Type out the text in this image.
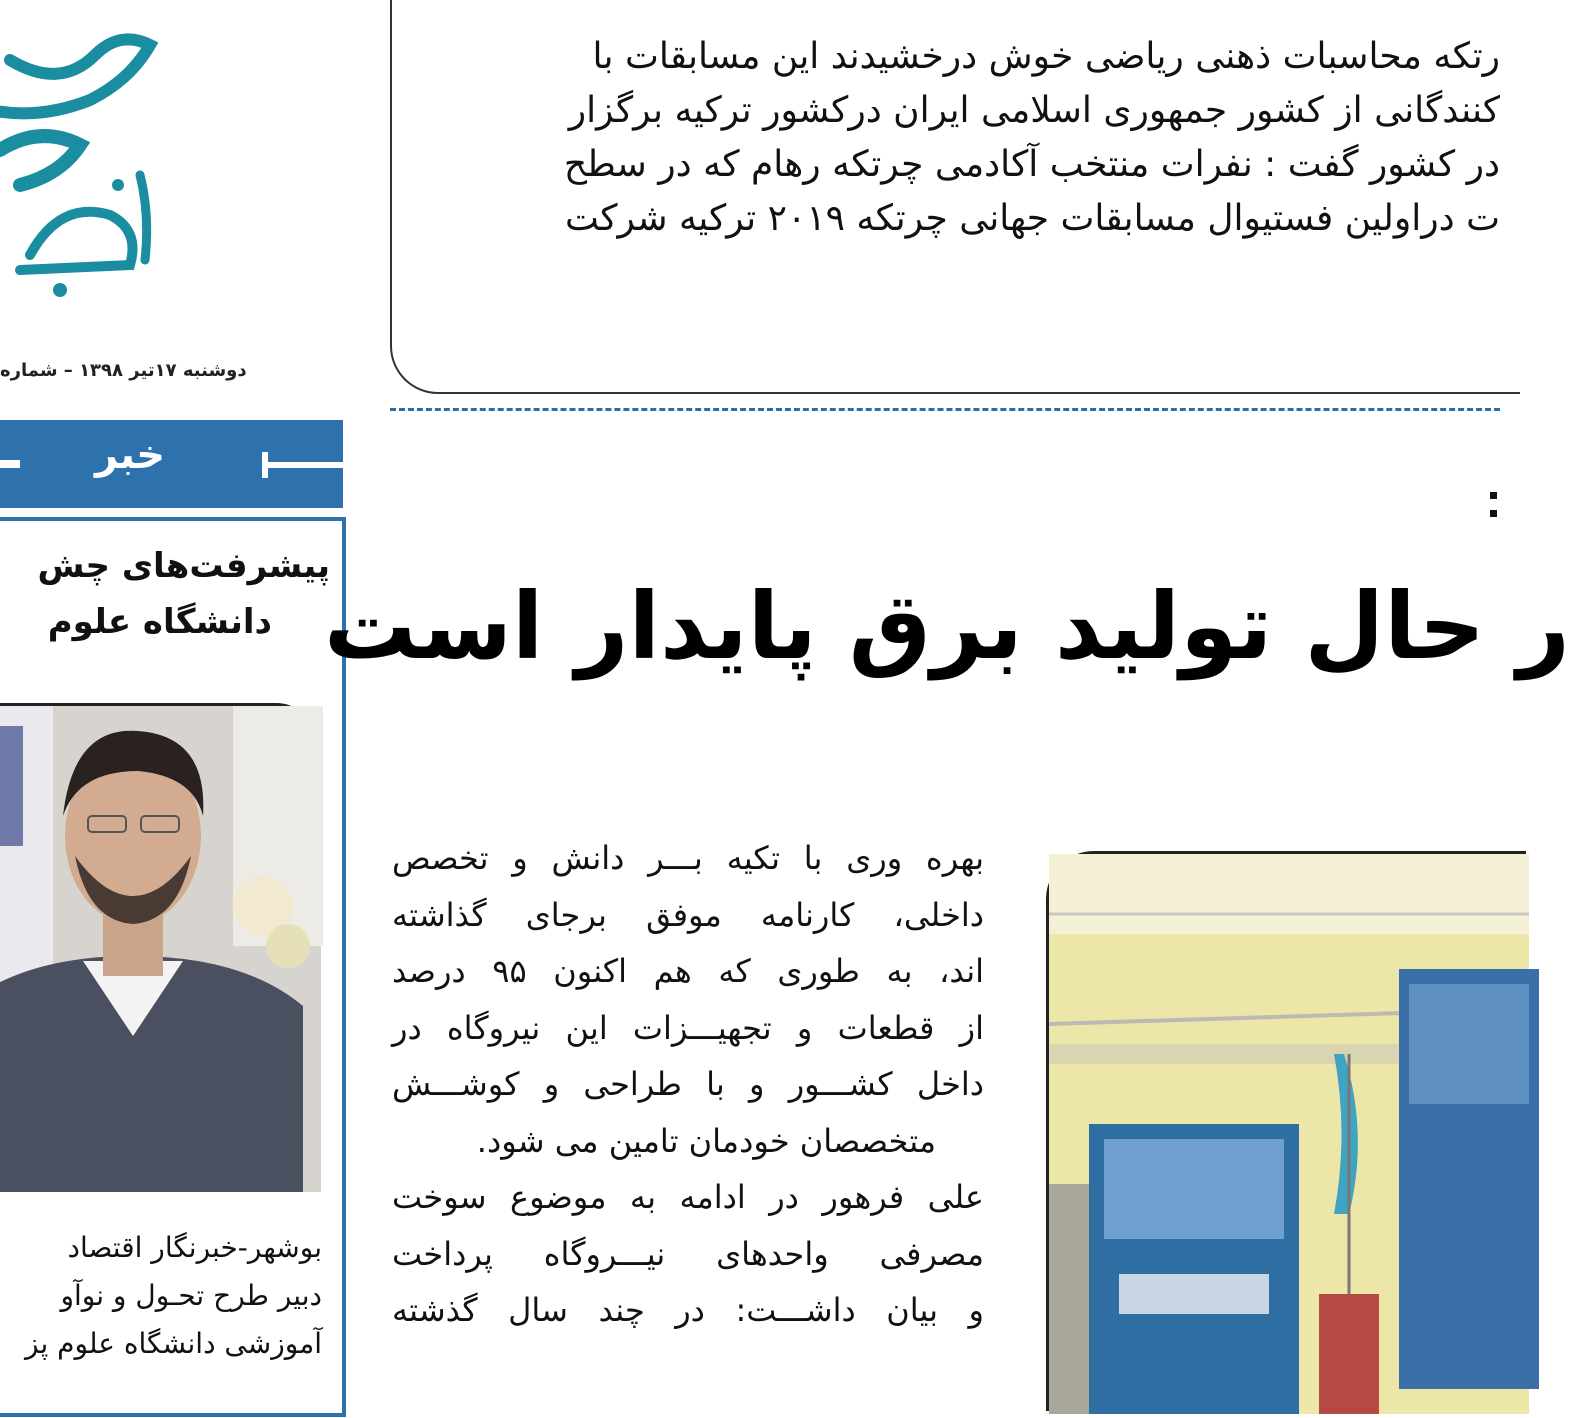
دوشنبه ۱۷تیر ۱۳۹۸ – شماره
رتکه محاسبات ذهنی ریاضی خوش درخشیدند این مسابقات با
کنندگانی از کشور جمهوری اسلامی ایران درکشور ترکیه برگزار
در کشور گفت : نفرات منتخب آکادمی چرتکه رهام که در سطح
ت دراولین فستیوال مسابقات جهانی چرتکه ۲۰۱۹ ترکیه شرکت
خبر
پیشرفت‌های چش
دانشگاه علوم
بوشهر-خبرنگار اقتصاد
دبیر طرح تحـول و نوآو
آموزشی دانشگاه علوم پز
ر حال تولید برق پایدار است
بهره وری با تکیه بـــر دانش و تخصص
داخلی، کارنامه موفق برجای گذاشته
اند، به طوری که هم اکنون ۹۵ درصد
از قطعات و تجهیـــزات این نیروگاه در
داخل کشـــور و با طراحی و کوشـــش
متخصصان خودمان تامین می شود.
علی فرهور در ادامه به موضوع سوخت
مصرفی واحدهای نیـــروگاه پرداخت
و بیان داشـــت: در چند سال گذشته
